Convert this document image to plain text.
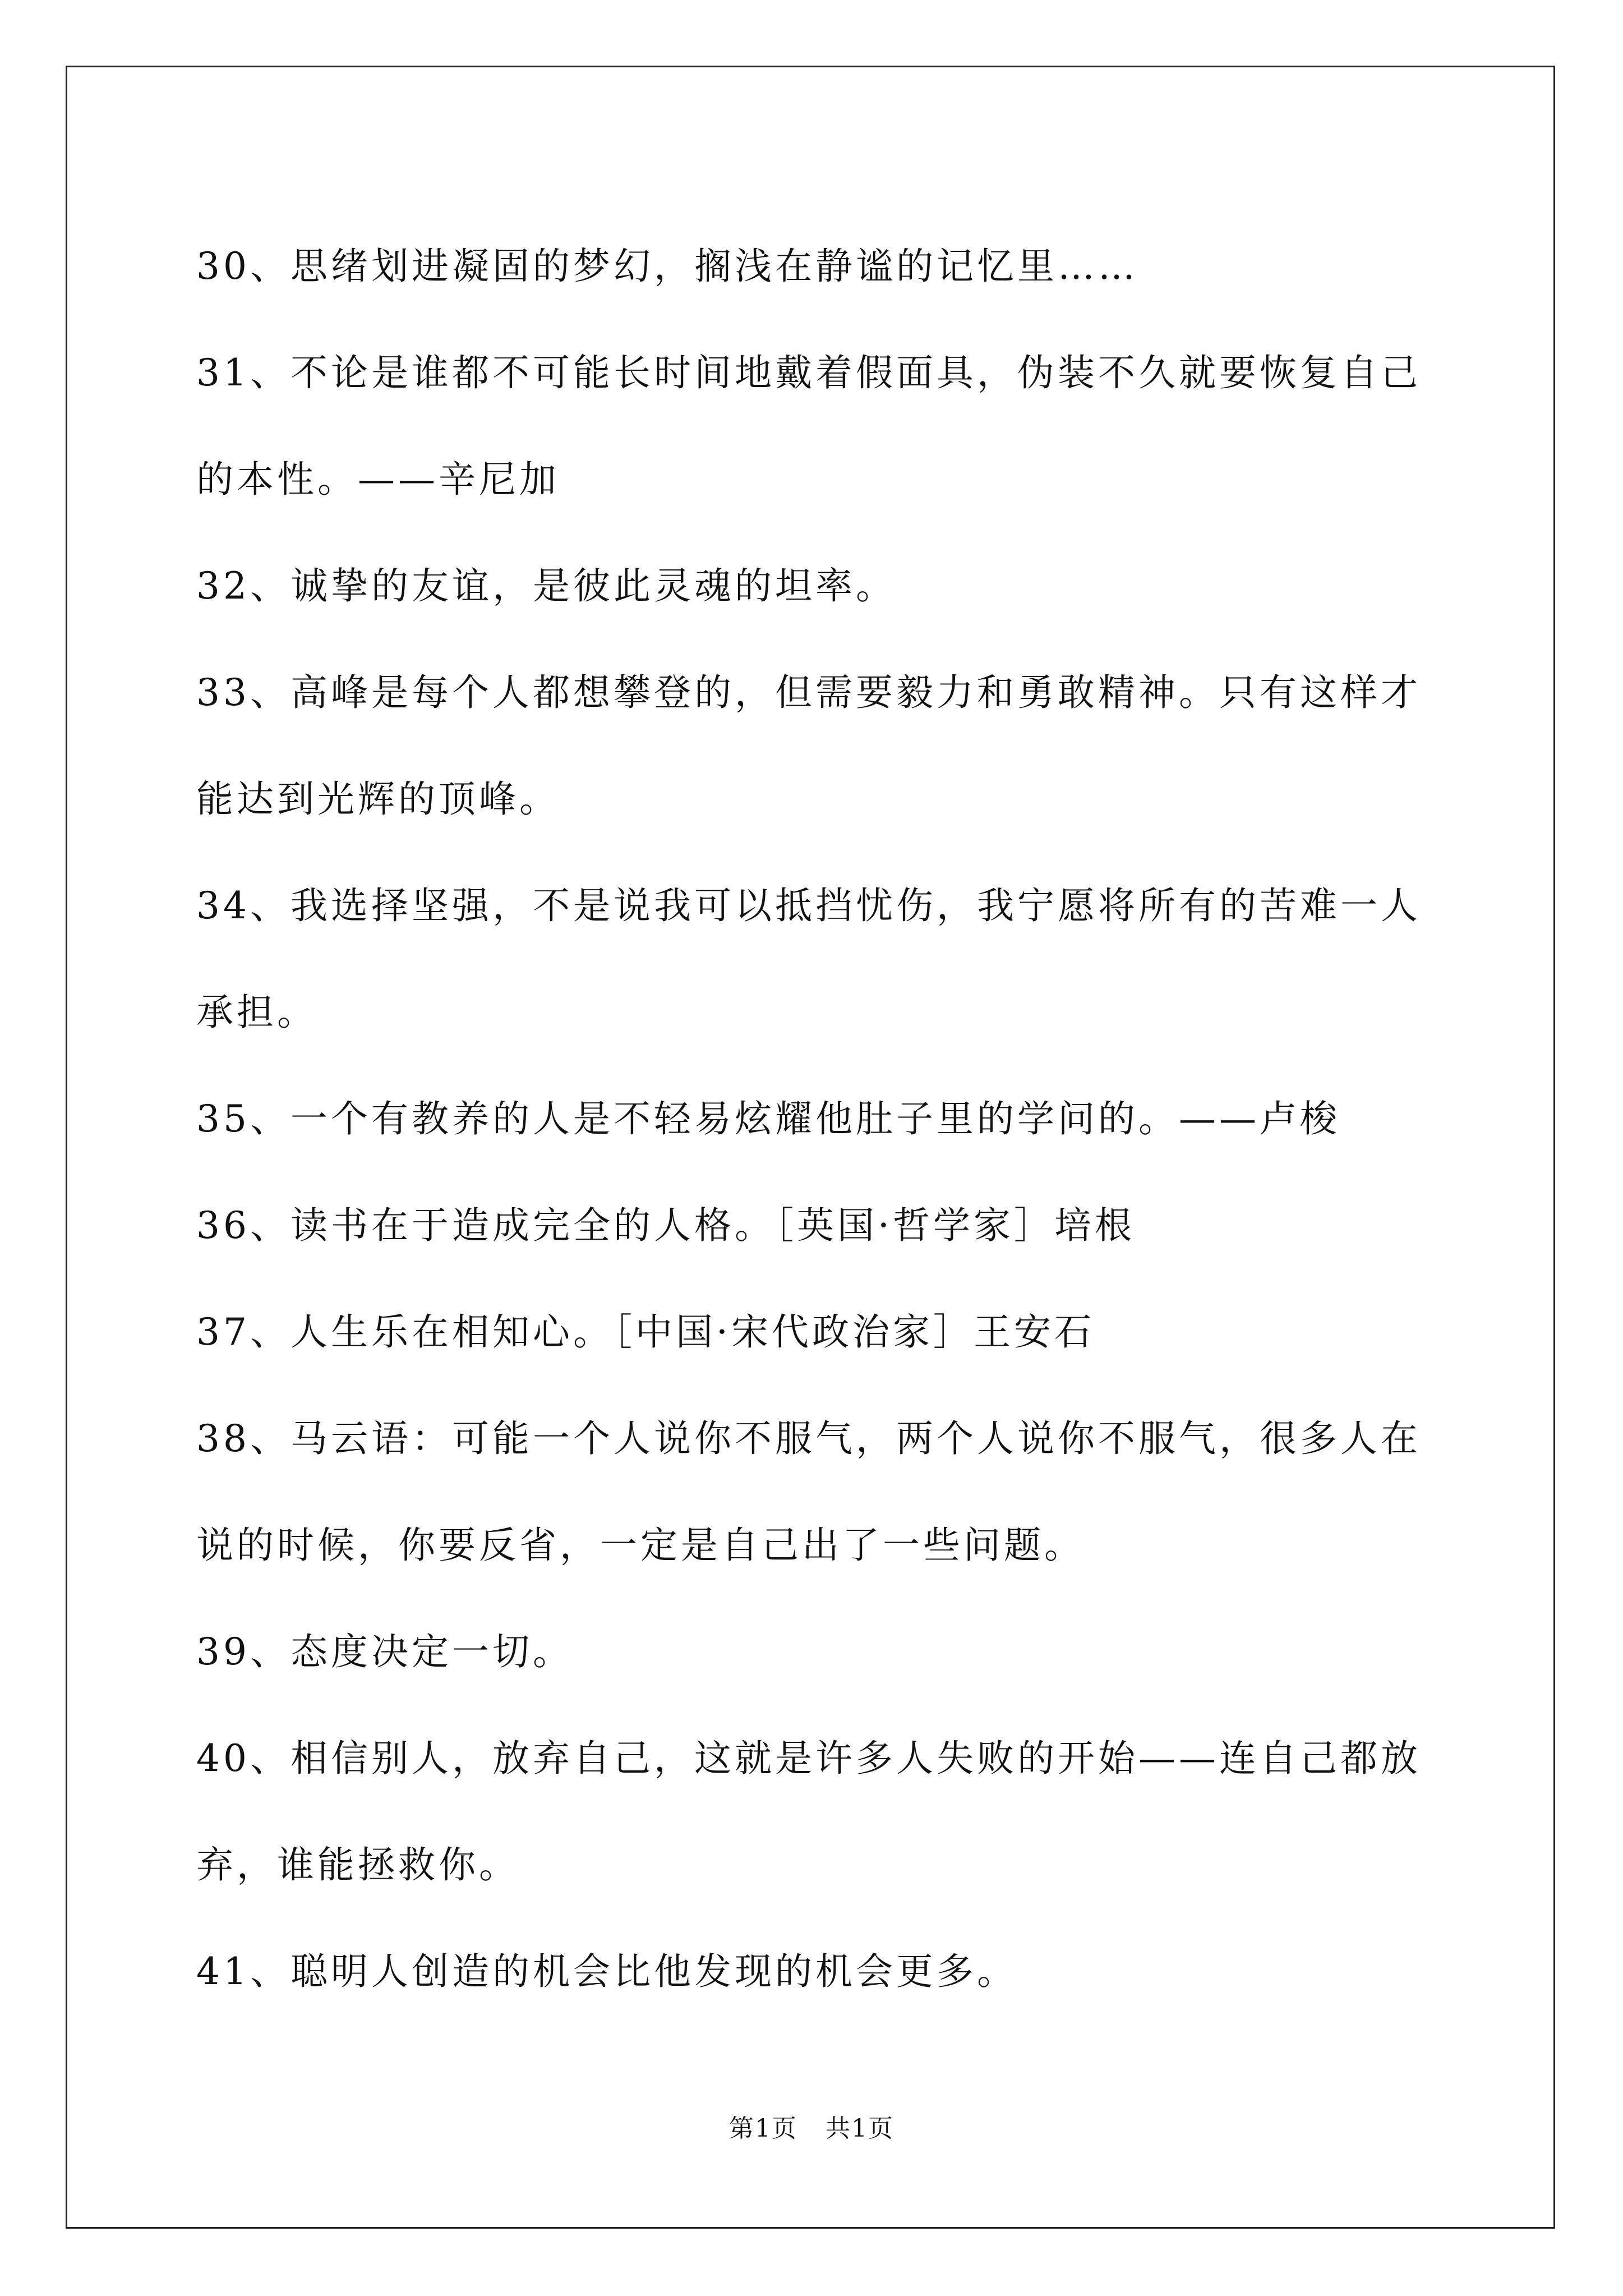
30、思绪划进凝固的梦幻，搁浅在静谧的记忆里……
31、不论是谁都不可能长时间地戴着假面具，伪装不久就要恢复自己
的本性。——辛尼加
32、诚挚的友谊，是彼此灵魂的坦率。
33、高峰是每个人都想攀登的，但需要毅力和勇敢精神。只有这样才
能达到光辉的顶峰。
34、我选择坚强，不是说我可以抵挡忧伤，我宁愿将所有的苦难一人
承担。
35、一个有教养的人是不轻易炫耀他肚子里的学问的。——卢梭
36、读书在于造成完全的人格。［英国·哲学家］培根
37、人生乐在相知心。［中国·宋代政治家］王安石
38、马云语：可能一个人说你不服气，两个人说你不服气，很多人在
说的时候，你要反省，一定是自己出了一些问题。
39、态度决定一切。
40、相信别人，放弃自己，这就是许多人失败的开始——连自己都放
弃，谁能拯救你。
41、聪明人创造的机会比他发现的机会更多。
第1页 共1页
